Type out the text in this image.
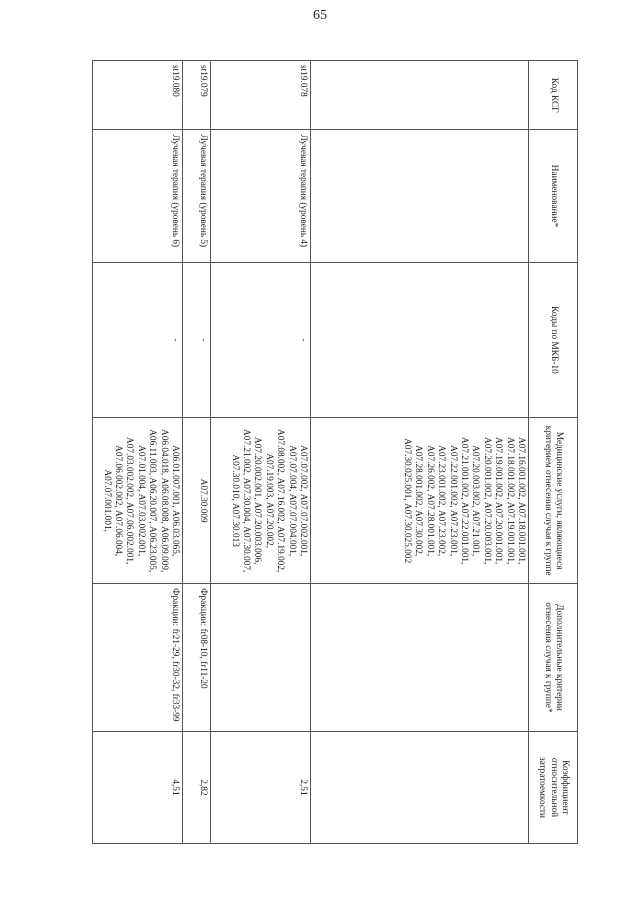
65
Код КСГ	Наименование*	Коды по МКБ-10	Медицинские услуги, являющиеся критерием отнесения случая к группе	Дополнительные критерии отнесения случая к группе*	Коэффициент относительной затратоемкости
			А07.16.001.002, А07.18.001.001, А07.18.001.002, А07.19.001.001, А07.19.001.002, А07.20.001.001, А07.20.001.002, А07.20.003.001, А07.20.003.002, А07.21.001, А07.21.001.002, А07.22.001.001, А07.22.001.002, А07.23.001, А07.23.001.002, А07.23.002, А07.26.002, А07.28.001.001, А07.28.001.002, А07.30.002, А07.30.025.001, А07.30.025.002		
st19.078	Лучевая терапия (уровень 4)	-	А07.07.002, А07.07.002.001, А07.07.004, А07.07.004.001, А07.08.002, А07.16.002, А07.19.002, А07.19.003, А07.20.002, А07.20.002.001, А07.20.003.006, А07.21.002, А07.30.004, А07.30.007, А07.30.010, А07.30.013		2,51
st19.079	Лучевая терапия (уровень 5)	-	А07.30.009	Фракции: fr08-10, fr11-20	2,82
st19.080	Лучевая терапия (уровень 6)	-	А06.01.007.001, А06.03.065, А06.04.018, А06.08.008, А06.09.009, А06.11.003, А06.20.007, А06.23.005, А07.01.004, А07.03.002.001, А07.03.002.002, А07.06.002.001, А07.06.002.002, А07.06.004, А07.07.001.001,	Фракции: fr21-29, fr30-32, fr33-99	4,51
